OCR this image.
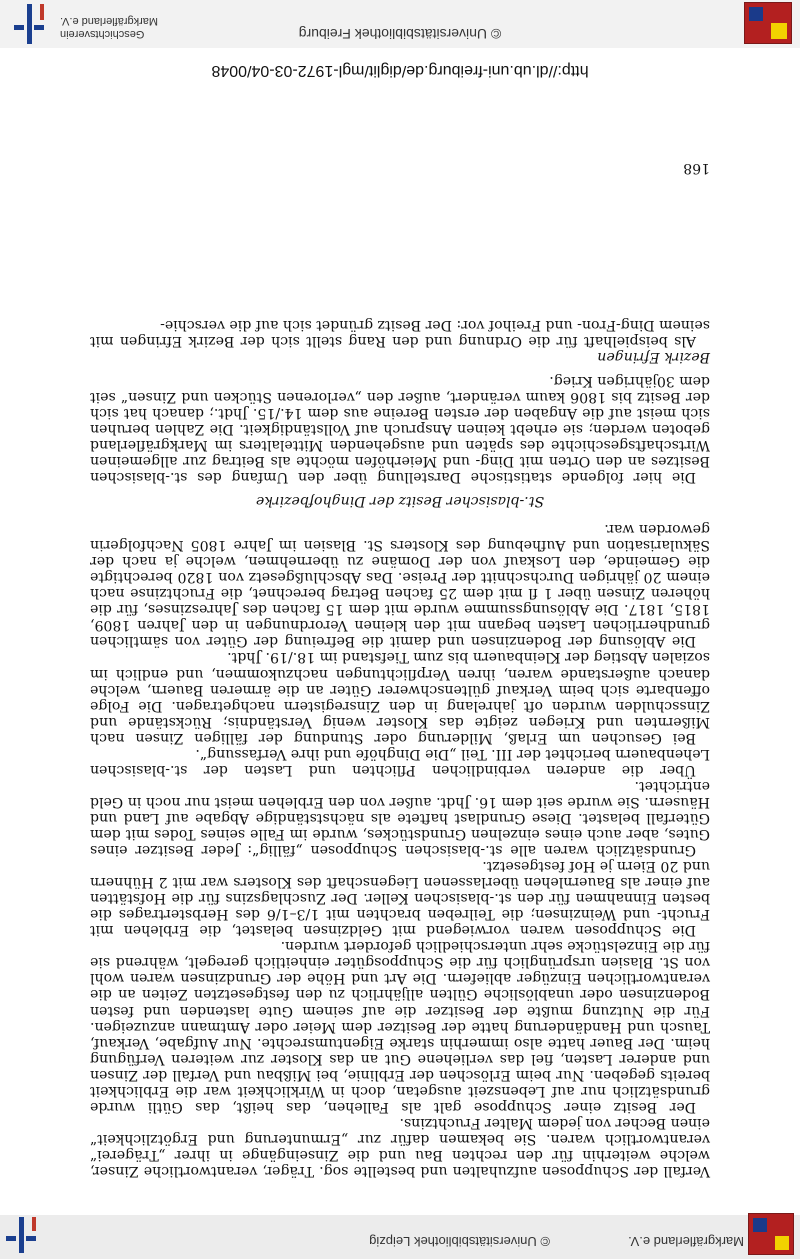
Markgräflerland e.V.
© Universitätsbibliothek Leipzig

Verfall der Schupposen aufzuhalten und bestellte sog. Träger, verantwortliche Zinser, welche weiterhin für den rechten Bau und die Zinseingänge in ihrer „Trägerei“ verantwortlich waren. Sie bekamen dafür zur „Ermunterung und Ergötzlichkeit“ einen Becher von jedem Malter Fruchtzins.

Der Besitz einer Schuppose galt als Fallehen, das heißt, das Gütli wurde grundsätzlich nur auf Lebenszeit ausgetan, doch in Wirklichkeit war die Erblichkeit bereits gegeben. Nur beim Erlöschen der Erblinie, bei Mißbau und Verfall der Zinsen und anderer Lasten, fiel das verliehene Gut an das Kloster zur weiteren Verfügung heim. Der Bauer hatte also immerhin starke Eigentumsrechte. Nur Aufgabe, Verkauf, Tausch und Handänderung hatte der Besitzer dem Meier oder Amtmann anzuzeigen. Für die Nutzung mußte der Besitzer die auf seinem Gute lastenden und festen Bodenzinsen oder unablösliche Gülten alljährlich zu den festgesetzten Zeiten an die verantwortlichen Einzüger abliefern. Die Art und Höhe der Grundzinsen waren wohl von St. Blasien ursprünglich für die Schupposgüter einheitlich geregelt, während sie für die Einzelstücke sehr unterschiedlich gefordert wurden.

Die Schupposen waren vorwiegend mit Geldzinsen belastet, die Erblehen mit Frucht- und Weinzinsen; die Teilreben brachten mit 1/3–1/6 des Herbstertrages die besten Einnahmen für den st.-blasischen Keller. Der Zuschlagszins für die Hofstätten auf einer als Bauernlehen überlassenen Liegenschaft des Klosters war mit 2 Hühnern und 20 Eiern je Hof festgesetzt.

Grundsätzlich waren alle st.-blasischen Schupposen „fällig“: Jeder Besitzer eines Gutes, aber auch eines einzelnen Grundstückes, wurde im Falle seines Todes mit dem Güterfall belastet. Diese Grundlast haftete als nächstständige Abgabe auf Land und Häusern. Sie wurde seit dem 16. Jhdt. außer von den Erblehen meist nur noch in Geld entrichtet.

Über die anderen verbindlichen Pflichten und Lasten der st.-blasischen Lehenbauern berichtet der III. Teil „Die Dinghöfe und ihre Verfassung“.

Bei Gesuchen um Erlaß, Milderung oder Stundung der fälligen Zinsen nach Mißernten und Kriegen zeigte das Kloster wenig Verständnis; Rückstände und Zinsschulden wurden oft jahrelang in den Zinsregistern nachgetragen. Die Folge offenbarte sich beim Verkauf gültenschwerer Güter an die ärmeren Bauern, welche danach außerstande waren, ihren Verpflichtungen nachzukommen, und endlich im sozialen Abstieg der Kleinbauern bis zum Tiefstand im 18./19. Jhdt.

Die Ablösung der Bodenzinsen und damit die Befreiung der Güter von sämtlichen grundherrlichen Lasten begann mit den kleinen Verordnungen in den Jahren 1809, 1815, 1817. Die Ablösungssumme wurde mit dem 15 fachen des Jahreszinses, für die höheren Zinsen über 1 fl mit dem 25 fachen Betrag berechnet, die Fruchtzinse nach einem 20 jährigen Durchschnitt der Preise. Das Abschlußgesetz von 1820 berechtigte die Gemeinde, den Loskauf von der Domäne zu übernehmen, welche ja nach der Säkularisation und Aufhebung des Klosters St. Blasien im Jahre 1805 Nachfolgerin geworden war.

St.-blasischer Besitz der Dinghofbezirke

Die hier folgende statistische Darstellung über den Umfang des st.-blasischen Besitzes an den Orten mit Ding- und Meierhöfen möchte als Beitrag zur allgemeinen Wirtschaftsgeschichte des späten und ausgehenden Mittelalters im Markgräflerland geboten werden; sie erhebt keinen Anspruch auf Vollständigkeit. Die Zahlen beruhen sich meist auf die Angaben der ersten Bereine aus dem 14./15. Jhdt.; danach hat sich der Besitz bis 1806 kaum verändert, außer den „verlorenen Stücken und Zinsen“ seit dem 30jährigen Krieg.

Bezirk Efringen

Als beispielhaft für die Ordnung und den Rang stellt sich der Bezirk Efringen mit seinem Ding-Fron- und Freihof vor: Der Besitz gründet sich auf die verschie-

168
© Universitätsbibliothek Freiburg
Geschichtsverein
Markgräflerland e.V.
http://dl.ub.uni-freiburg.de/diglit/mgl-1972-03-04/0048
